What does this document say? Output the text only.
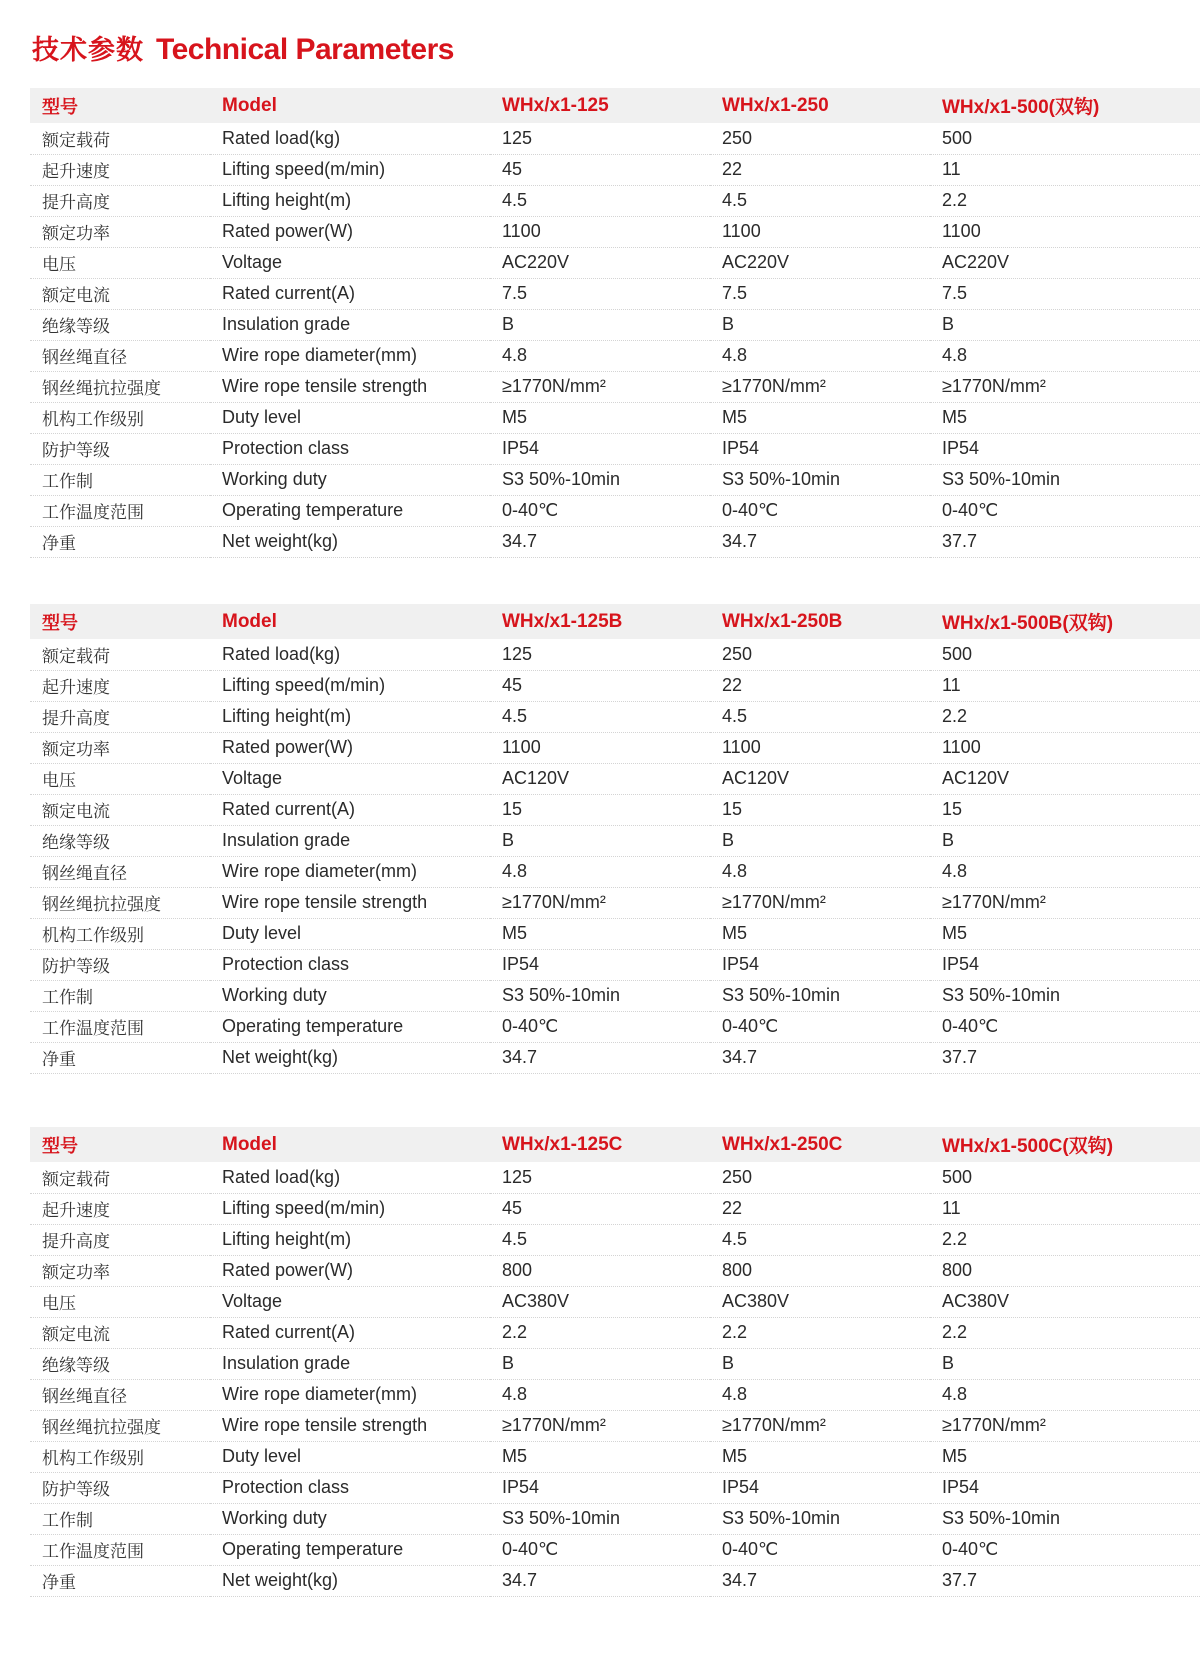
技术参数 Technical Parameters
型号	Model	WHx/x1-125	WHx/x1-250	WHx/x1-500(双钩)
额定载荷	Rated load(kg)	125	250	500
起升速度	Lifting speed(m/min)	45	22	11
提升高度	Lifting height(m)	4.5	4.5	2.2
额定功率	Rated power(W)	1100	1100	1100
电压	Voltage	AC220V	AC220V	AC220V
额定电流	Rated current(A)	7.5	7.5	7.5
绝缘等级	Insulation grade	B	B	B
钢丝绳直径	Wire rope diameter(mm)	4.8	4.8	4.8
钢丝绳抗拉强度	Wire rope tensile strength	≥1770N/mm²	≥1770N/mm²	≥1770N/mm²
机构工作级别	Duty level	M5	M5	M5
防护等级	Protection class	IP54	IP54	IP54
工作制	Working duty	S3 50%-10min	S3 50%-10min	S3 50%-10min
工作温度范围	Operating temperature	0-40℃	0-40℃	0-40℃
净重	Net weight(kg)	34.7	34.7	37.7
型号	Model	WHx/x1-125B	WHx/x1-250B	WHx/x1-500B(双钩)
额定载荷	Rated load(kg)	125	250	500
起升速度	Lifting speed(m/min)	45	22	11
提升高度	Lifting height(m)	4.5	4.5	2.2
额定功率	Rated power(W)	1100	1100	1100
电压	Voltage	AC120V	AC120V	AC120V
额定电流	Rated current(A)	15	15	15
绝缘等级	Insulation grade	B	B	B
钢丝绳直径	Wire rope diameter(mm)	4.8	4.8	4.8
钢丝绳抗拉强度	Wire rope tensile strength	≥1770N/mm²	≥1770N/mm²	≥1770N/mm²
机构工作级别	Duty level	M5	M5	M5
防护等级	Protection class	IP54	IP54	IP54
工作制	Working duty	S3 50%-10min	S3 50%-10min	S3 50%-10min
工作温度范围	Operating temperature	0-40℃	0-40℃	0-40℃
净重	Net weight(kg)	34.7	34.7	37.7
型号	Model	WHx/x1-125C	WHx/x1-250C	WHx/x1-500C(双钩)
额定载荷	Rated load(kg)	125	250	500
起升速度	Lifting speed(m/min)	45	22	11
提升高度	Lifting height(m)	4.5	4.5	2.2
额定功率	Rated power(W)	800	800	800
电压	Voltage	AC380V	AC380V	AC380V
额定电流	Rated current(A)	2.2	2.2	2.2
绝缘等级	Insulation grade	B	B	B
钢丝绳直径	Wire rope diameter(mm)	4.8	4.8	4.8
钢丝绳抗拉强度	Wire rope tensile strength	≥1770N/mm²	≥1770N/mm²	≥1770N/mm²
机构工作级别	Duty level	M5	M5	M5
防护等级	Protection class	IP54	IP54	IP54
工作制	Working duty	S3 50%-10min	S3 50%-10min	S3 50%-10min
工作温度范围	Operating temperature	0-40℃	0-40℃	0-40℃
净重	Net weight(kg)	34.7	34.7	37.7
